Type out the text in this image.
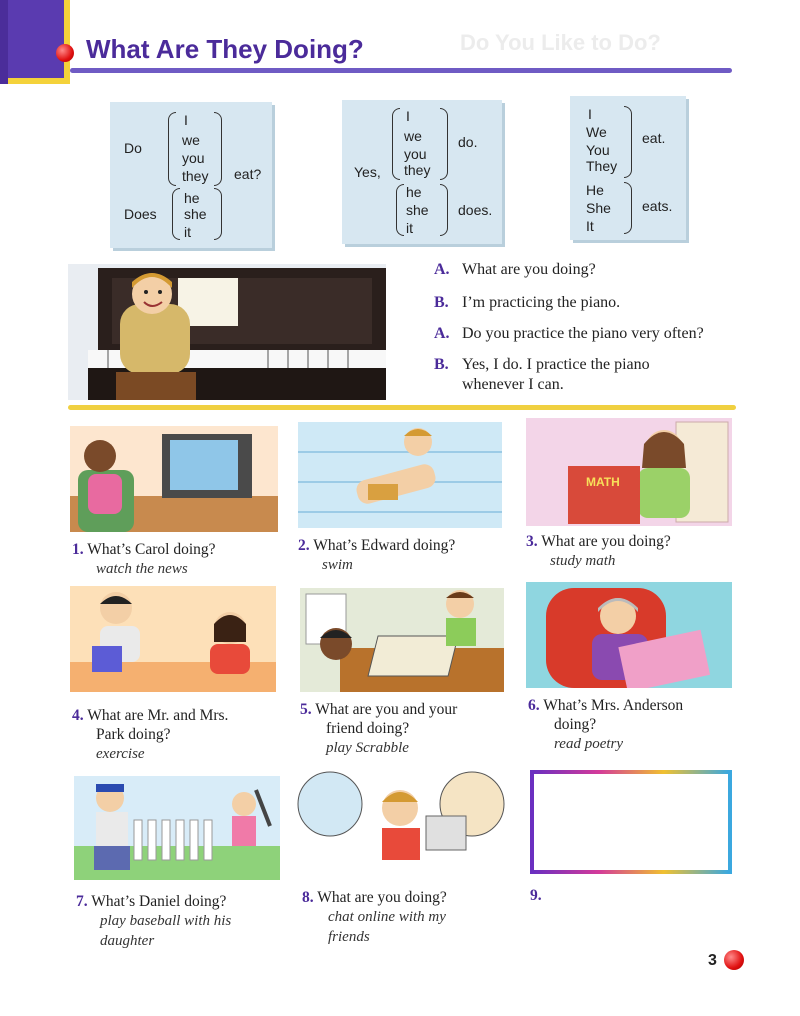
Do You Like to Do?
What Are They Doing?
Do
I
we
you
they eat?
Does
he
she
it
I
we
you
they
do.
Yes,
he
she
it
does.
I
We
You
They
eat.
He
She
It
eats.
A. What are you doing?
B. I’m practicing the piano.
A. Do you practice the piano very often?
B. Yes, I do. I practice the piano
whenever I can.
MATH
1. What’s Carol doing?
watch the news
2. What’s Edward doing?
swim
3. What are you doing?
study math
4. What are Mr. and Mrs.
Park doing?
exercise
5. What are you and your
friend doing?
play Scrabble
6. What’s Mrs. Anderson
doing?
read poetry
7. What’s Daniel doing?
play baseball with his
daughter
8. What are you doing?
chat online with my
friends
9.
3
